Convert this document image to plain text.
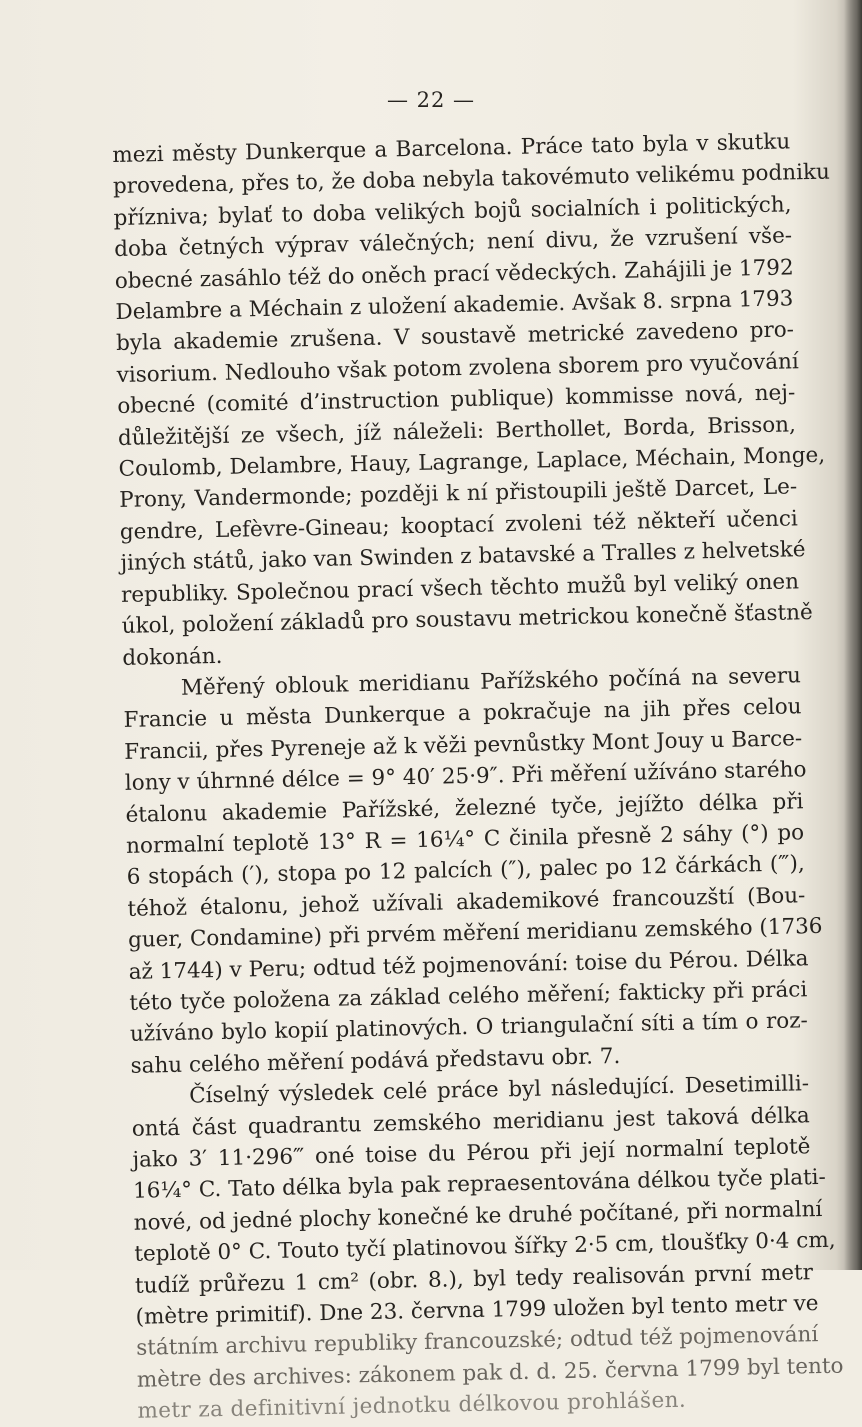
— 22 —
mezi městy Dunkerque a Barcelona. Práce tato byla v skutku
provedena, přes to, že doba nebyla takovémuto velikému podniku
přízniva; bylať to doba velikých bojů socialních i politických,
doba četných výprav válečných; není divu, že vzrušení vše-
obecné zasáhlo též do oněch prací vědeckých. Zahájili je 1792
Delambre a Méchain z uložení akademie. Avšak 8. srpna 1793
byla akademie zrušena. V soustavě metrické zavedeno pro-
visorium. Nedlouho však potom zvolena sborem pro vyučování
obecné (comité d’instruction publique) kommisse nová, nej-
důležitější ze všech, jíž náleželi: Berthollet, Borda, Brisson,
Coulomb, Delambre, Hauy, Lagrange, Laplace, Méchain, Monge,
Prony, Vandermonde; později k ní přistoupili ještě Darcet, Le-
gendre, Lefèvre-Gineau; kooptací zvoleni též někteří učenci
jiných států, jako van Swinden z batavské a Tralles z helvetské
republiky. Společnou prací všech těchto mužů byl veliký onen
úkol, položení základů pro soustavu metrickou konečně šťastně
dokonán.
Měřený oblouk meridianu Pařížského počíná na severu
Francie u města Dunkerque a pokračuje na jih přes celou
Francii, přes Pyreneje až k věži pevnůstky Mont Jouy u Barce-
lony v úhrnné délce = 9° 40′ 25·9″. Při měření užíváno starého
étalonu akademie Pařížské, železné tyče, jejížto délka při
normalní teplotě 13° R = 16¼° C činila přesně 2 sáhy (°) po
6 stopách (′), stopa po 12 palcích (″), palec po 12 čárkách (‴),
téhož étalonu, jehož užívali akademikové francouzští (Bou-
guer, Condamine) při prvém měření meridianu zemského (1736
až 1744) v Peru; odtud též pojmenování: toise du Pérou. Délka
této tyče položena za základ celého měření; fakticky při práci
užíváno bylo kopií platinových. O triangulační síti a tím o roz-
sahu celého měření podává představu obr. 7.
Číselný výsledek celé práce byl následující. Desetimilli-
ontá část quadrantu zemského meridianu jest taková délka
jako 3′ 11·296‴ oné toise du Pérou při její normalní teplotě
16¼° C. Tato délka byla pak repraesentována délkou tyče plati-
nové, od jedné plochy konečné ke druhé počítané, při normalní
teplotě 0° C. Touto tyčí platinovou šířky 2·5 cm, tloušťky 0·4 cm,
tudíž průřezu 1 cm² (obr. 8.), byl tedy realisován první metr
(mètre primitif). Dne 23. června 1799 uložen byl tento metr ve
státním archivu republiky francouzské; odtud též pojmenování
mètre des archives: zákonem pak d. d. 25. června 1799 byl tento
metr za definitivní jednotku délkovou prohlášen.
